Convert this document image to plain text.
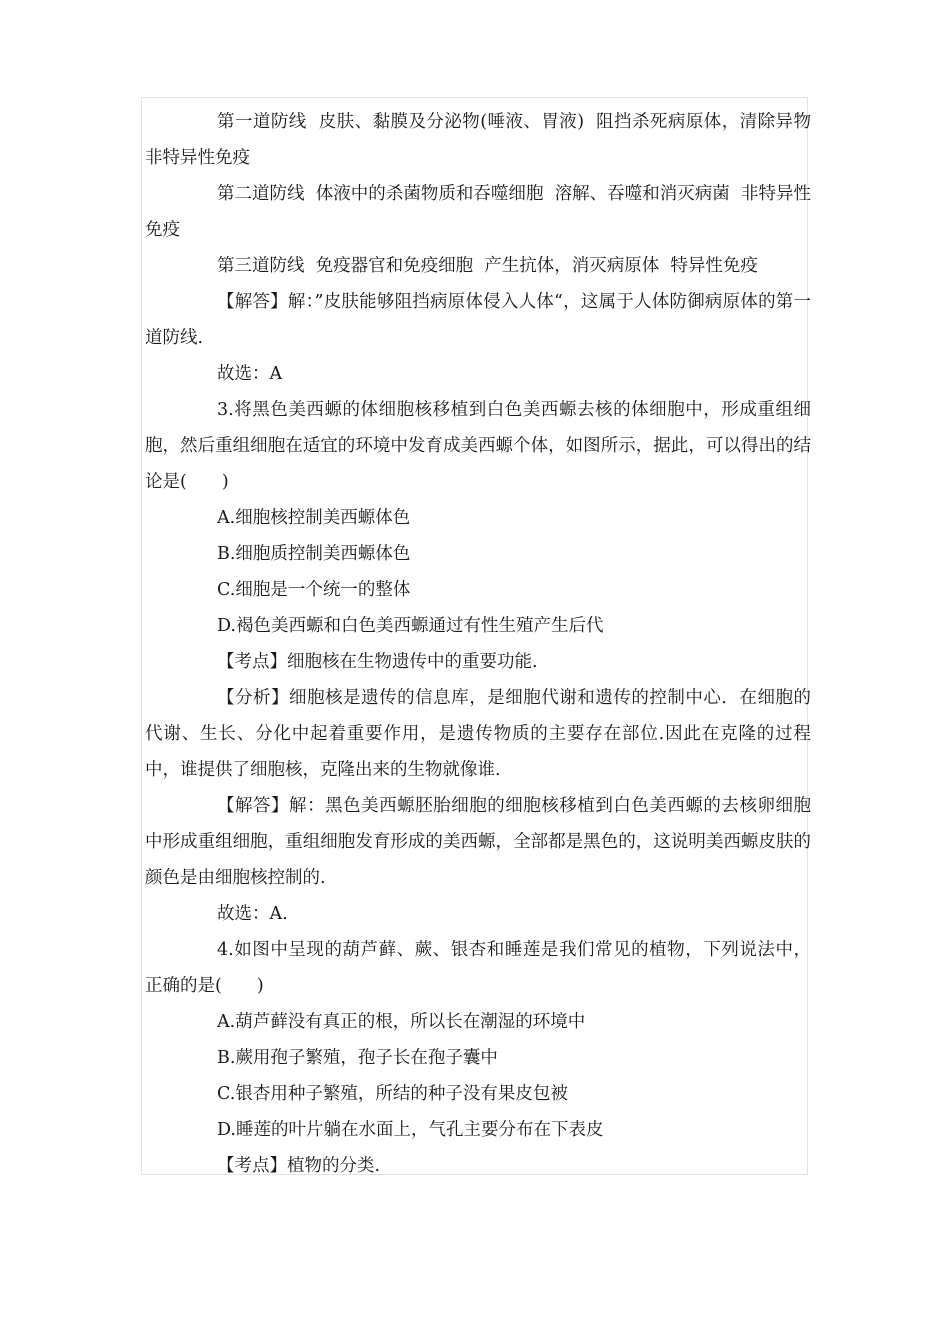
第一道防线  皮肤、黏膜及分泌物(唾液、胃液)  阻挡杀死病原体，清除异物  非特异性免疫

第二道防线  体液中的杀菌物质和吞噬细胞  溶解、吞噬和消灭病菌  非特异性免疫

第三道防线  免疫器官和免疫细胞  产生抗体，消灭病原体  特异性免疫

【解答】解：”皮肤能够阻挡病原体侵入人体“，这属于人体防御病原体的第一道防线.

故选：A

3.将黑色美西螈的体细胞核移植到白色美西螈去核的体细胞中，形成重组细胞，然后重组细胞在适宜的环境中发育成美西螈个体，如图所示，据此，可以得出的结论是(　　)

A.细胞核控制美西螈体色

B.细胞质控制美西螈体色

C.细胞是一个统一的整体

D.褐色美西螈和白色美西螈通过有性生殖产生后代

【考点】细胞核在生物遗传中的重要功能.

【分析】细胞核是遗传的信息库，是细胞代谢和遗传的控制中心．在细胞的代谢、生长、分化中起着重要作用，是遗传物质的主要存在部位.因此在克隆的过程中，谁提供了细胞核，克隆出来的生物就像谁.

【解答】解：黑色美西螈胚胎细胞的细胞核移植到白色美西螈的去核卵细胞中形成重组细胞，重组细胞发育形成的美西螈，全部都是黑色的，这说明美西螈皮肤的颜色是由细胞核控制的.

故选：A.

4.如图中呈现的葫芦藓、蕨、银杏和睡莲是我们常见的植物，下列说法中，  正确的是(　　)

A.葫芦藓没有真正的根，所以长在潮湿的环境中

B.蕨用孢子繁殖，孢子长在孢子囊中

C.银杏用种子繁殖，所结的种子没有果皮包被

D.睡莲的叶片躺在水面上，气孔主要分布在下表皮

【考点】植物的分类.
